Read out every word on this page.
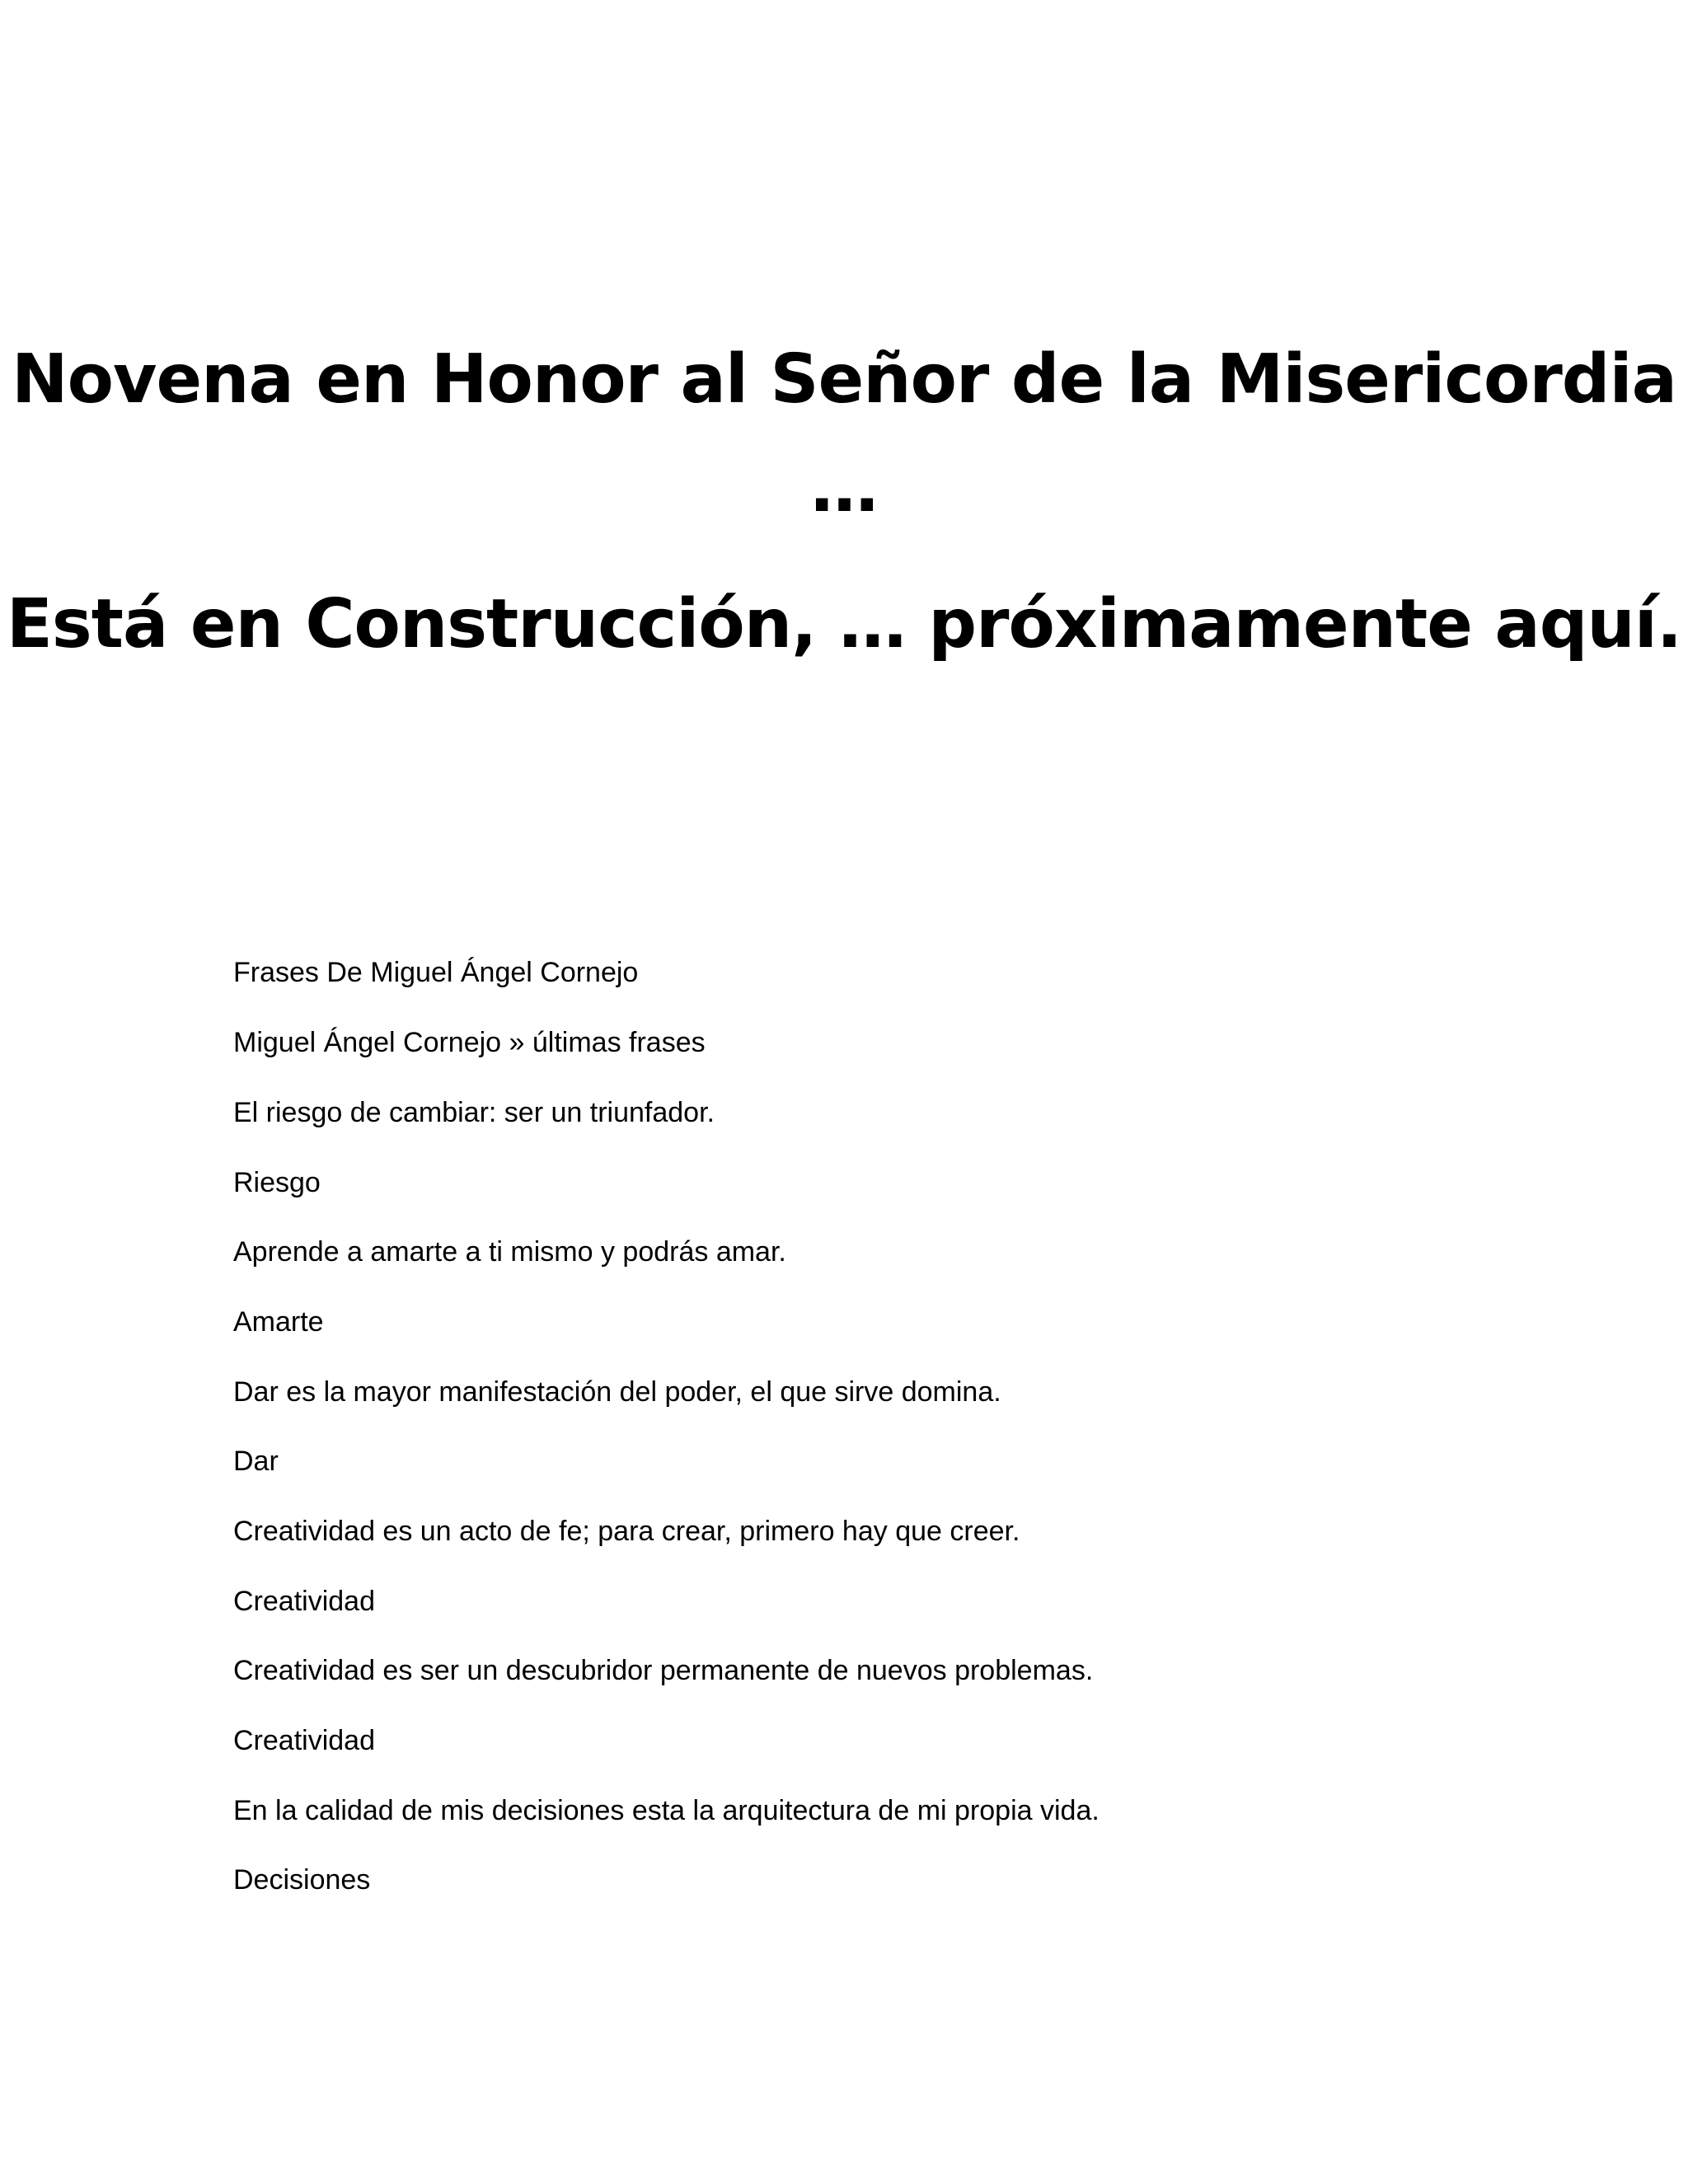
Novena en Honor al Señor de la Misericordia …
Está en Construcción, … próximamente aquí.

Frases De Miguel Ángel Cornejo

Miguel Ángel Cornejo » últimas frases

El riesgo de cambiar: ser un triunfador.

Riesgo

Aprende a amarte a ti mismo y podrás amar.

Amarte

Dar es la mayor manifestación del poder, el que sirve domina.

Dar

Creatividad es un acto de fe; para crear, primero hay que creer.

Creatividad

Creatividad es ser un descubridor permanente de nuevos problemas.

Creatividad

En la calidad de mis decisiones esta la arquitectura de mi propia vida.

Decisiones
